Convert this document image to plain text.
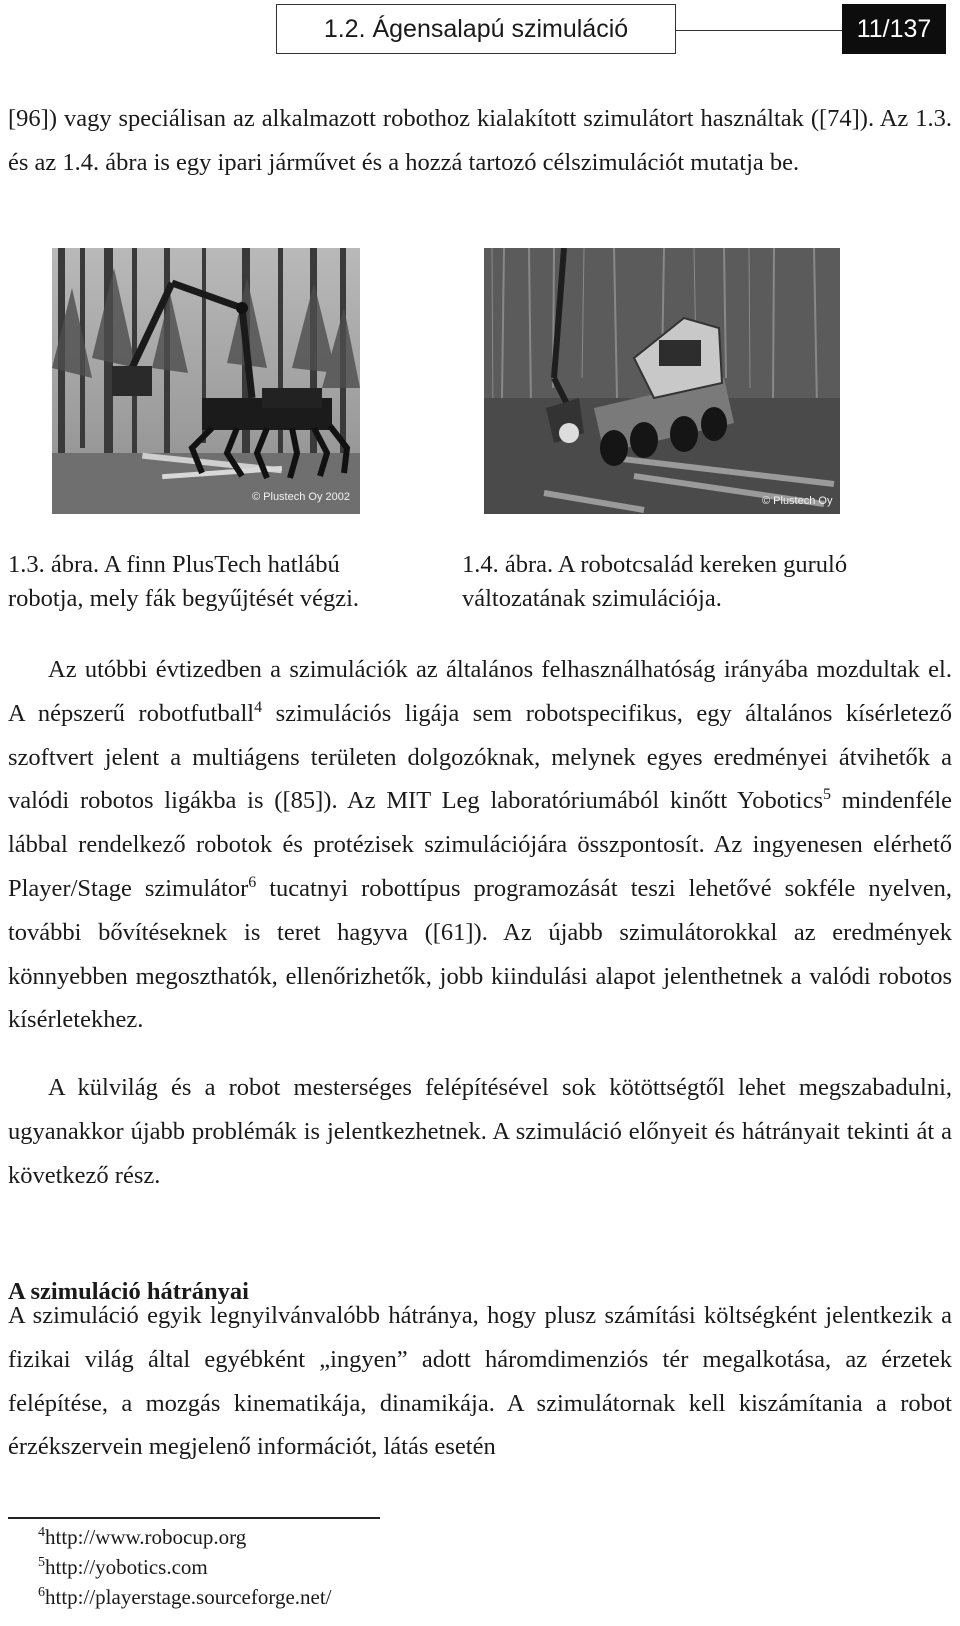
1.2. Ágensalapú szimuláció	11/137

[96]) vagy speciálisan az alkalmazott robothoz kialakított szimulátort használtak ([74]). Az 1.3. és az 1.4. ábra is egy ipari járművet és a hozzá tartozó célszimulációt mutatja be.

© Plustech Oy 2002	© Plustech Oy

1.3. ábra. A finn PlusTech hatlábú robotja, mely fák begyűjtését végzi.

1.4. ábra. A robotcsalád kereken guruló változatának szimulációja.

Az utóbbi évtizedben a szimulációk az általános felhasználhatóság irányába mozdultak el. A népszerű robotfutball$^4$ szimulációs ligája sem robotspecifikus, egy általános kísérletező szoftvert jelent a multiágens területen dolgozóknak, melynek egyes eredményei átvihetők a valódi robotos ligákba is ([85]). Az MIT Leg laboratóriumából kinőtt Yobotics$^5$ mindenféle lábbal rendelkező robotok és protézisek szimulációjára összpontosít. Az ingyenesen elérhető Player/Stage szimulátor$^6$ tucatnyi robottípus programozását teszi lehetővé sokféle nyelven, további bővítéseknek is teret hagyva ([61]). Az újabb szimulátorokkal az eredmények könnyebben megoszthatók, ellenőrizhetők, jobb kiindulási alapot jelenthetnek a valódi robotos kísérletekhez.

A külvilág és a robot mesterséges felépítésével sok kötöttségtől lehet megszabadulni, ugyanakkor újabb problémák is jelentkezhetnek. A szimuláció előnyeit és hátrányait tekinti át a következő rész.

A szimuláció hátrányai

A szimuláció egyik legnyilvánvalóbb hátránya, hogy plusz számítási költségként jelentkezik a fizikai világ által egyébként „ingyen” adott háromdimenziós tér megalkotása, az érzetek felépítése, a mozgás kinematikája, dinamikája. A szimulátornak kell kiszámítania a robot érzékszervein megjelenő információt, látás esetén

$^4$http://www.robocup.org

$^5$http://yobotics.com

$^6$http://playerstage.sourceforge.net/
